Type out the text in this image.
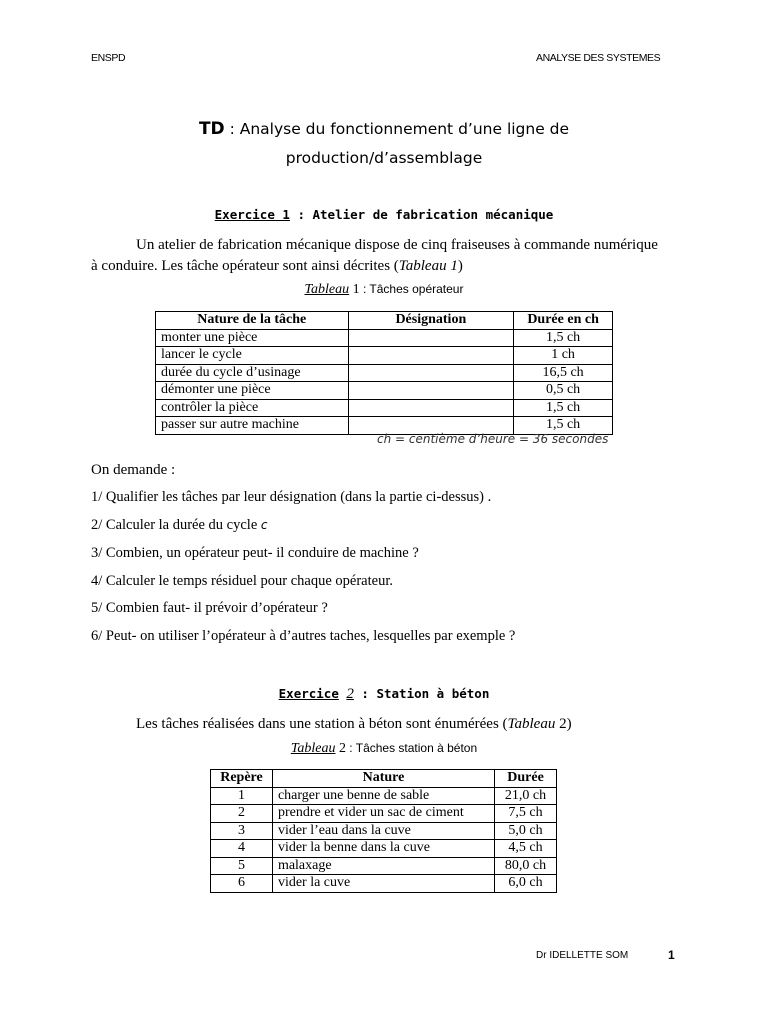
ENSPD	ANALYSE DES SYSTEMES
TD : Analyse du fonctionnement d’une ligne de
production/d’assemblage
Exercice 1 : Atelier de fabrication mécanique
Un atelier de fabrication mécanique dispose de cinq fraiseuses à commande numérique
à conduire. Les tâche opérateur sont ainsi décrites (Tableau 1)
Tableau 1 : Tâches opérateur
Nature de la tâche	Désignation	Durée en ch
monter une pièce		1,5 ch
lancer le cycle		1 ch
durée du cycle d’usinage		16,5 ch
démonter une pièce		0,5 ch
contrôler la pièce		1,5 ch
passer sur autre machine		1,5 ch
ch = centième d’heure = 36 secondes
On demande :
1/ Qualifier les tâches par leur désignation (dans la partie ci-dessus) .
2/ Calculer la durée du cycle c
3/ Combien, un opérateur peut- il conduire de machine ?
4/ Calculer le temps résiduel pour chaque opérateur.
5/ Combien faut- il prévoir d’opérateur ?
6/ Peut- on utiliser l’opérateur à d’autres taches, lesquelles par exemple ?
Exercice 2 : Station à béton
Les tâches réalisées dans une station à béton sont énumérées (Tableau 2)
Tableau 2 : Tâches station à béton
Repère	Nature	Durée
1	charger une benne de sable	21,0 ch
2	prendre et vider un sac de ciment	7,5 ch
3	vider l’eau dans la cuve	5,0 ch
4	vider la benne dans la cuve	4,5 ch
5	malaxage	80,0 ch
6	vider la cuve	6,0 ch
Dr IDELLETTE SOM	1
